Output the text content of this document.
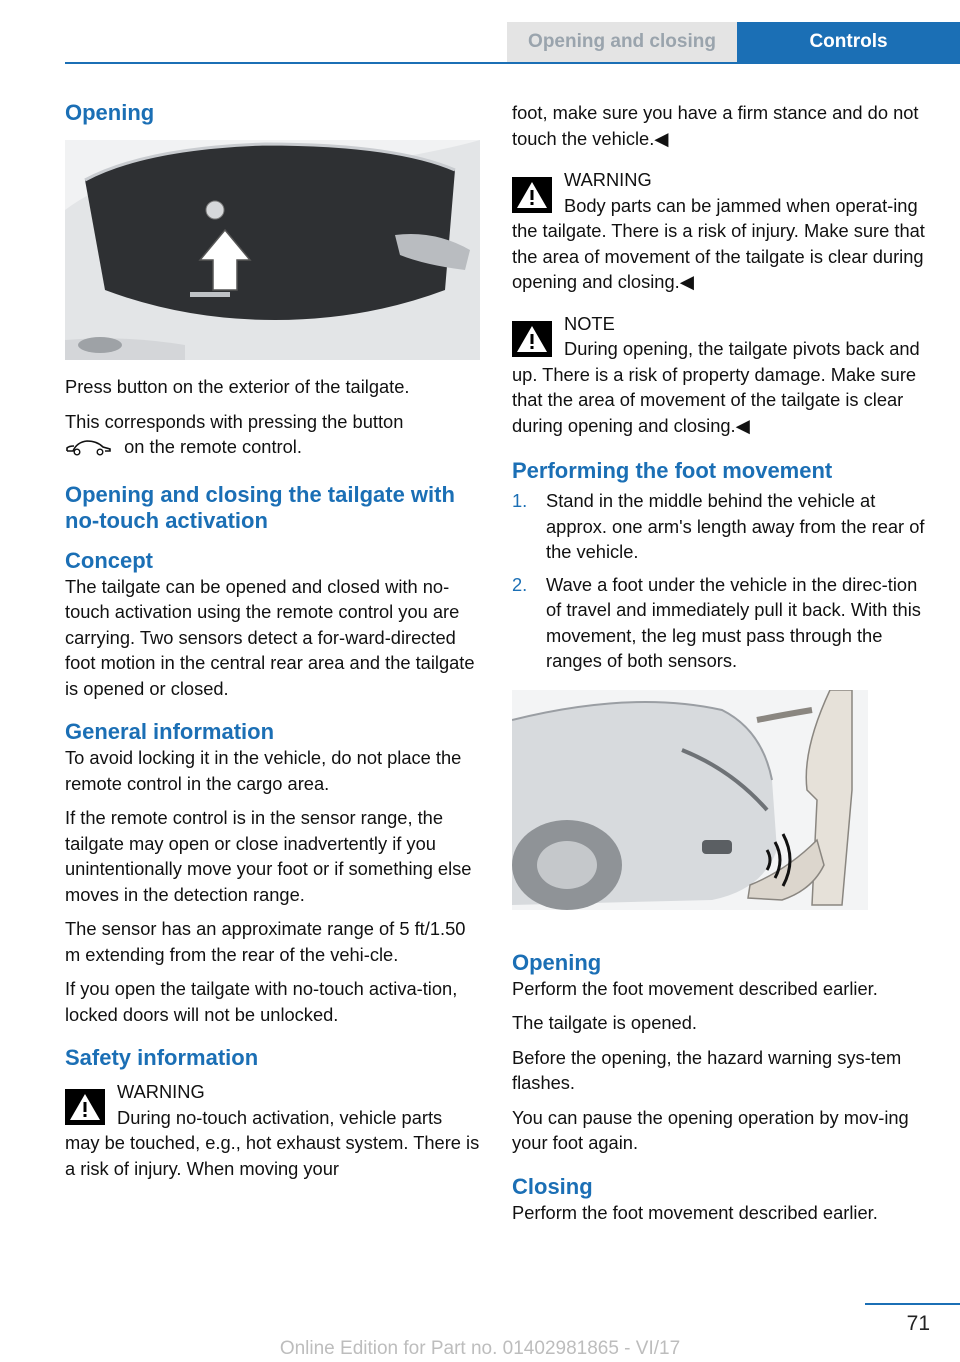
Opening and closing	Controls
Opening

Press button on the exterior of the tailgate.

This corresponds with pressing the button
on the remote control.

Opening and closing the tailgate with no-touch activation
Concept

The tailgate can be opened and closed with no-touch activation using the remote control you are carrying. Two sensors detect a for‐ward-directed foot motion in the central rear area and the tailgate is opened or closed.

General information

To avoid locking it in the vehicle, do not place the remote control in the cargo area.

If the remote control is in the sensor range, the tailgate may open or close inadvertently if you unintentionally move your foot or if something else moves in the detection range.

The sensor has an approximate range of 5 ft/1.50 m extending from the rear of the vehi‐cle.

If you open the tailgate with no-touch activa‐tion, locked doors will not be unlocked.

Safety information
WARNING
During no-touch activation, vehicle parts may be touched, e.g., hot exhaust system. There is a risk of injury. When moving your

foot, make sure you have a firm stance and do not touch the vehicle.◀

WARNING
Body parts can be jammed when operat‐ing the tailgate. There is a risk of injury. Make sure that the area of movement of the tailgate is clear during opening and closing.◀
NOTE
During opening, the tailgate pivots back and up. There is a risk of property damage. Make sure that the area of movement of the tailgate is clear during opening and closing.◀
Performing the foot movement
1. Stand in the middle behind the vehicle at approx. one arm's length away from the rear of the vehicle.
2. Wave a foot under the vehicle in the direc‐tion of travel and immediately pull it back. With this movement, the leg must pass through the ranges of both sensors.
Opening

Perform the foot movement described earlier.

The tailgate is opened.

Before the opening, the hazard warning sys‐tem flashes.

You can pause the opening operation by mov‐ing your foot again.

Closing

Perform the foot movement described earlier.

71
Online Edition for Part no. 01402981865 - VI/17
